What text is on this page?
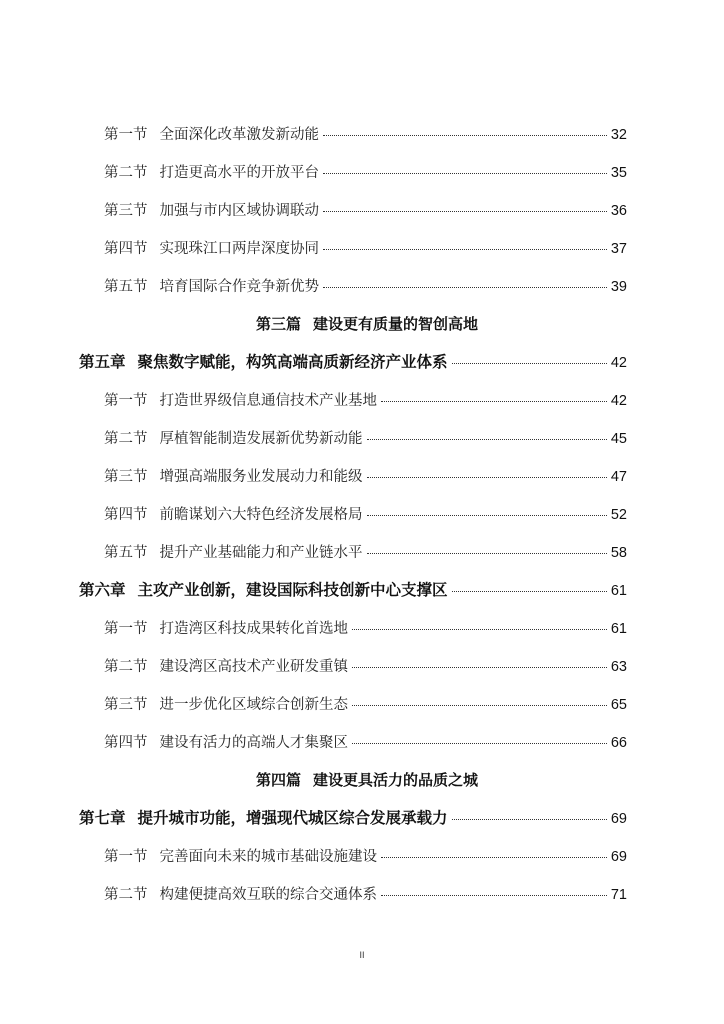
第一节 全面深化改革激发新动能	32
第二节 打造更高水平的开放平台	35
第三节 加强与市内区域协调联动	36
第四节 实现珠江口两岸深度协同	37
第五节 培育国际合作竞争新优势	39
第三篇 建设更有质量的智创高地
第五章 聚焦数字赋能，构筑高端高质新经济产业体系	42
第一节 打造世界级信息通信技术产业基地	42
第二节 厚植智能制造发展新优势新动能	45
第三节 增强高端服务业发展动力和能级	47
第四节 前瞻谋划六大特色经济发展格局	52
第五节 提升产业基础能力和产业链水平	58
第六章 主攻产业创新，建设国际科技创新中心支撑区	61
第一节 打造湾区科技成果转化首选地	61
第二节 建设湾区高技术产业研发重镇	63
第三节 进一步优化区域综合创新生态	65
第四节 建设有活力的高端人才集聚区	66
第四篇 建设更具活力的品质之城
第七章 提升城市功能，增强现代城区综合发展承载力	69
第一节 完善面向未来的城市基础设施建设	69
第二节 构建便捷高效互联的综合交通体系	71
II
